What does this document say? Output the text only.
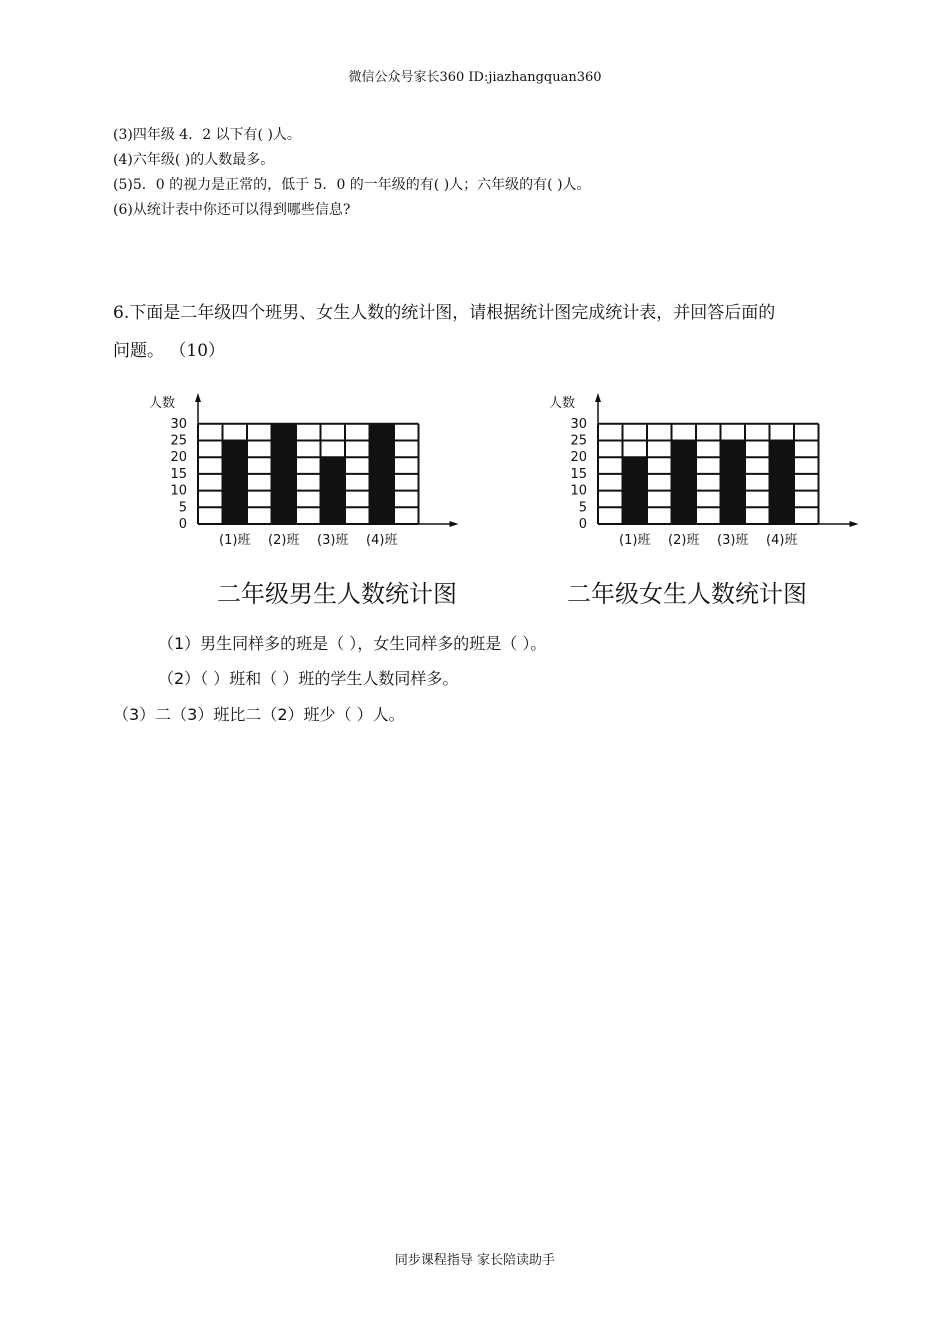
微信公众号家长360 ID:jiazhangquan360
(3)四年级 4．2 以下有( )人。
(4)六年级( )的人数最多。
(5)5．0 的视力是正常的，低于 5．0 的一年级的有( )人；六年级的有( )人。
(6)从统计表中你还可以得到哪些信息?
6.下面是二年级四个班男、女生人数的统计图，请根据统计图完成统计表，并回答后面的
问题。 （10）
人数
0
5
10
15
20
25
30
(1)班 (2)班 (3)班 (4)班
二年级男生人数统计图
人数
0
5
10
15
20
25
30
(1)班 (2)班 (3)班 (4)班
二年级女生人数统计图
（1）男生同样多的班是（ ），女生同样多的班是（ ）。
（2）（ ）班和（ ）班的学生人数同样多。
（3）二（3）班比二（2）班少（ ）人。
同步课程指导 家长陪读助手
